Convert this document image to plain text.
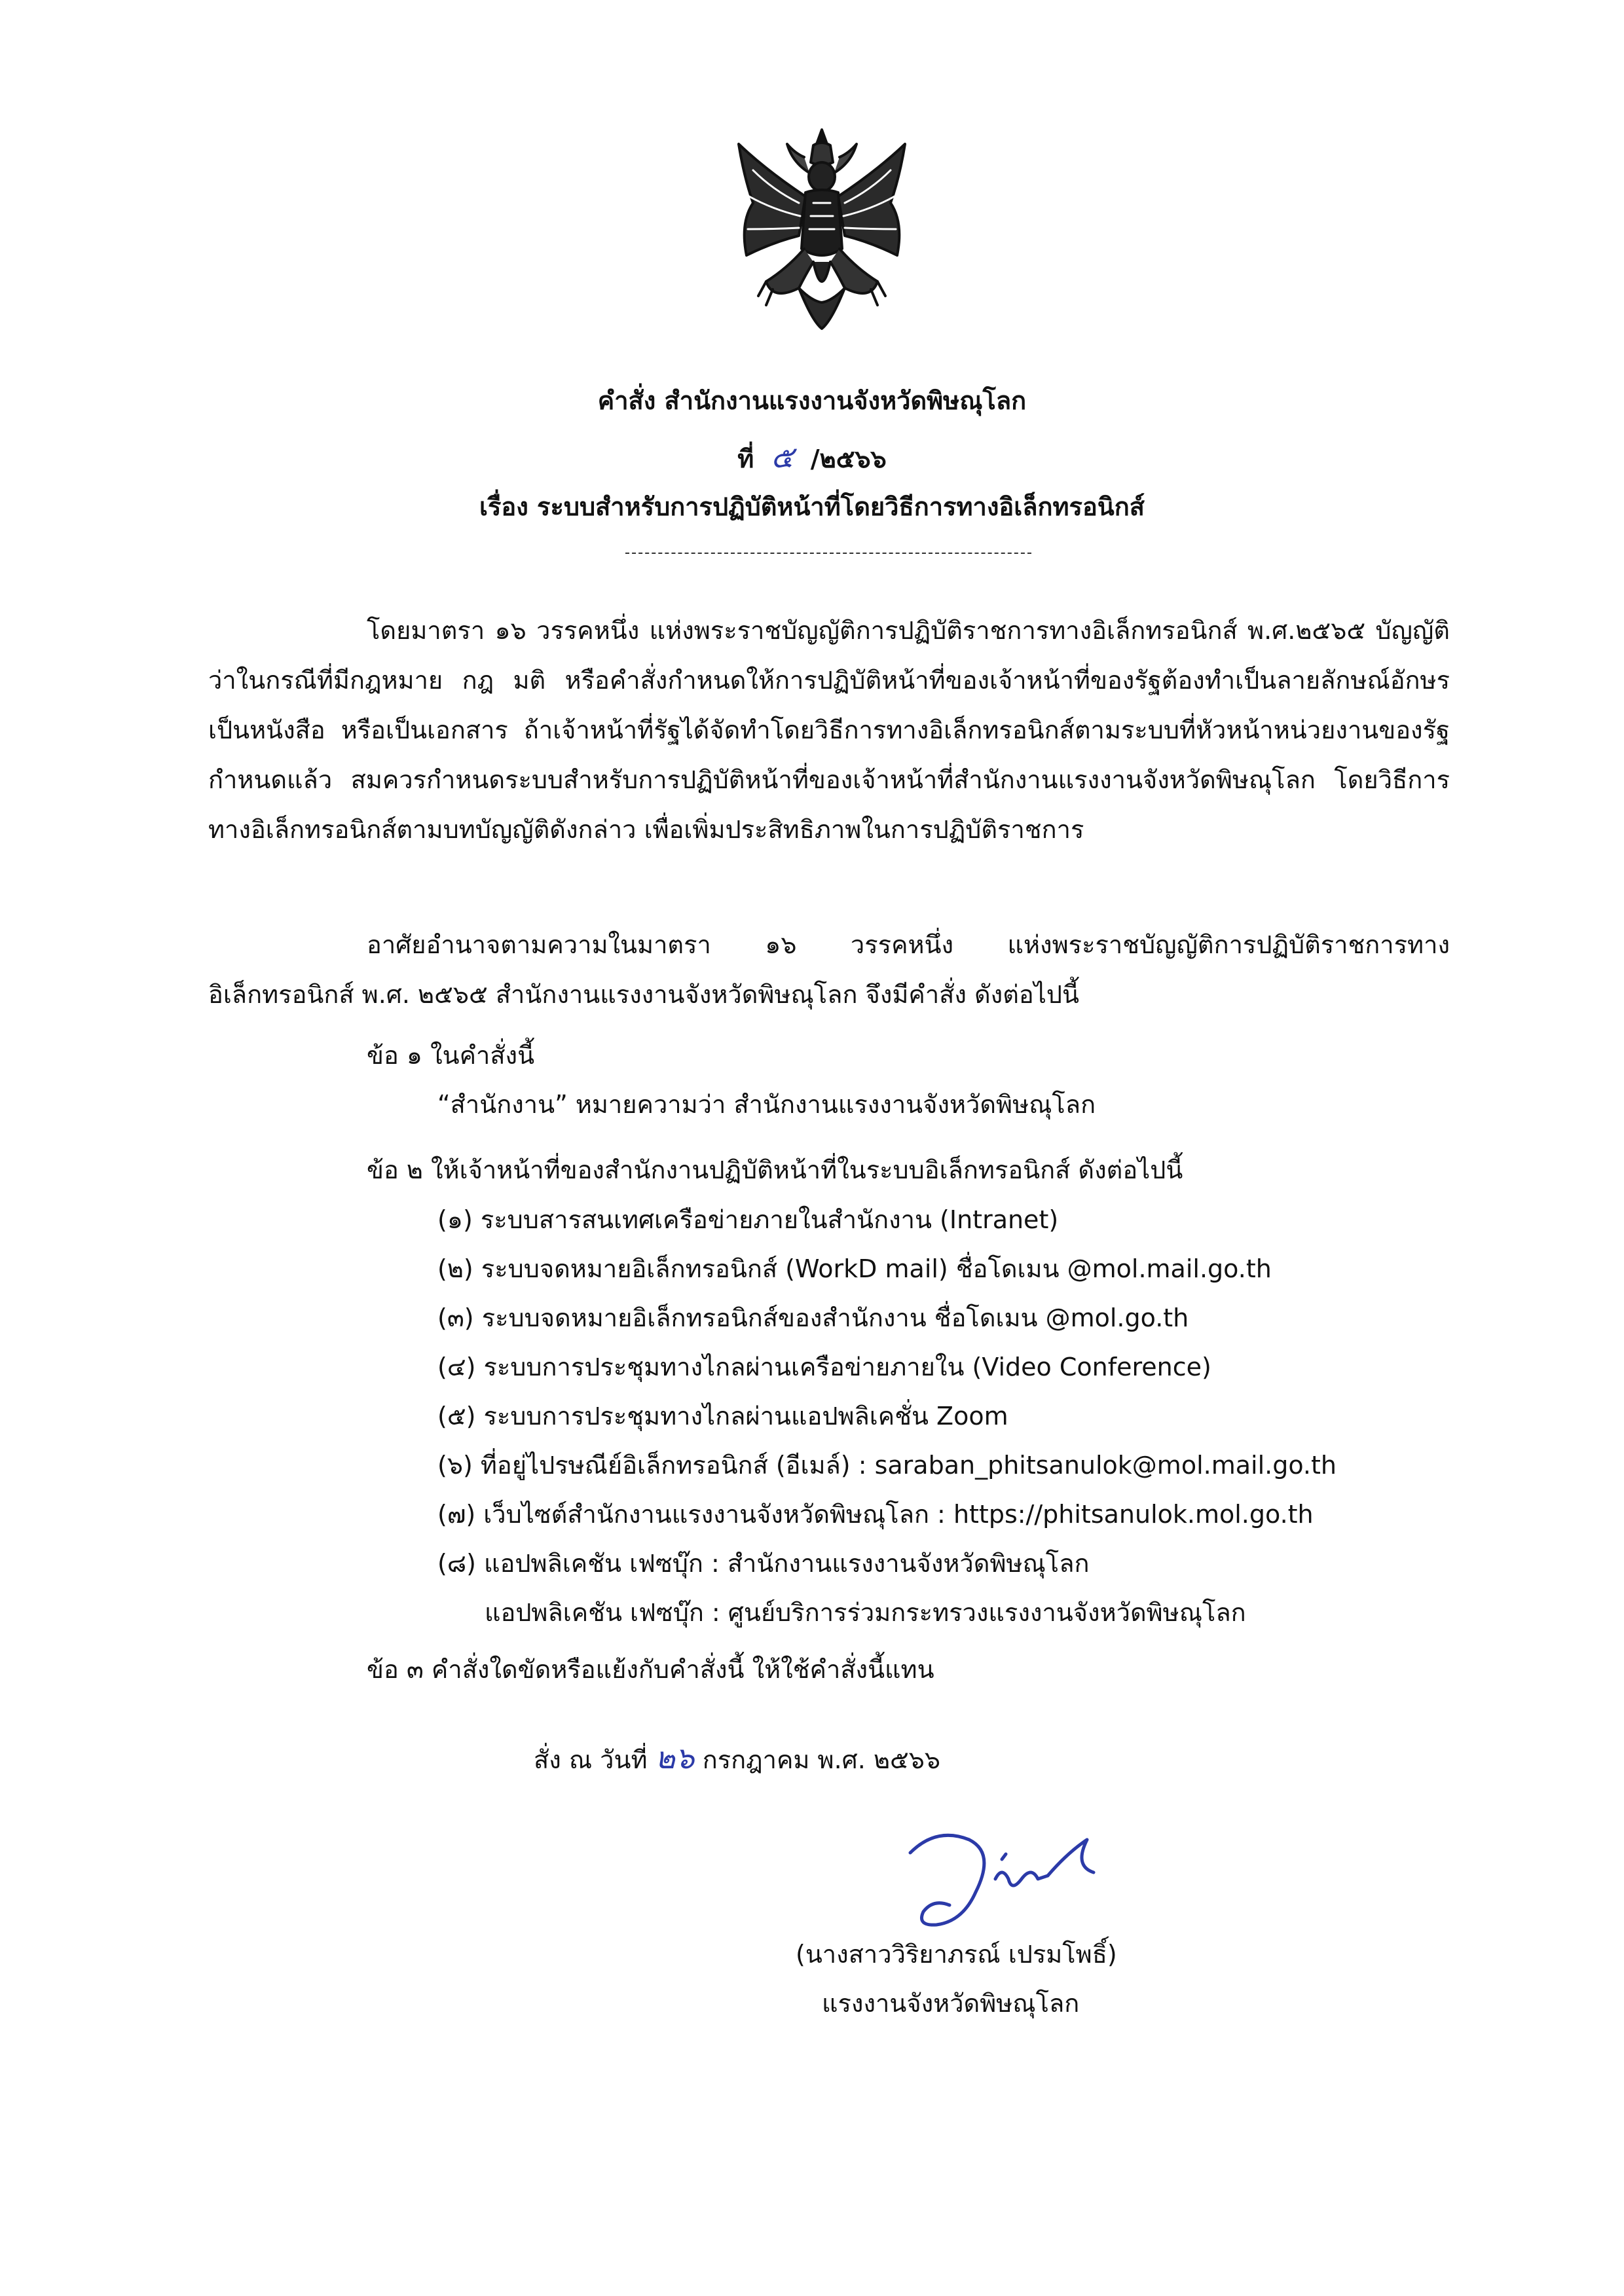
คำสั่ง สำนักงานแรงงานจังหวัดพิษณุโลก
ที่ ๕ /๒๕๖๖
เรื่อง ระบบสำหรับการปฏิบัติหน้าที่โดยวิธีการทางอิเล็กทรอนิกส์

โดยมาตรา ๑๖ วรรคหนึ่ง แห่งพระราชบัญญัติการปฏิบัติราชการทางอิเล็กทรอนิกส์ พ.ศ.๒๕๖๕ บัญญัติว่าในกรณีที่มีกฎหมาย กฎ มติ หรือคำสั่งกำหนดให้การปฏิบัติหน้าที่ของเจ้าหน้าที่ของรัฐต้องทำเป็นลายลักษณ์อักษร เป็นหนังสือ หรือเป็นเอกสาร ถ้าเจ้าหน้าที่รัฐได้จัดทำโดยวิธีการทางอิเล็กทรอนิกส์ตามระบบที่หัวหน้าหน่วยงานของรัฐกำหนดแล้ว สมควรกำหนดระบบสำหรับการปฏิบัติหน้าที่ของเจ้าหน้าที่สำนักงานแรงงานจังหวัดพิษณุโลก โดยวิธีการทางอิเล็กทรอนิกส์ตามบทบัญญัติดังกล่าว เพื่อเพิ่มประสิทธิภาพในการปฏิบัติราชการ

อาศัยอำนาจตามความในมาตรา ๑๖ วรรคหนึ่ง แห่งพระราชบัญญัติการปฏิบัติราชการทางอิเล็กทรอนิกส์ พ.ศ. ๒๕๖๕ สำนักงานแรงงานจังหวัดพิษณุโลก จึงมีคำสั่ง ดังต่อไปนี้

ข้อ ๑ ในคำสั่งนี้

“สำนักงาน” หมายความว่า สำนักงานแรงงานจังหวัดพิษณุโลก

ข้อ ๒ ให้เจ้าหน้าที่ของสำนักงานปฏิบัติหน้าที่ในระบบอิเล็กทรอนิกส์ ดังต่อไปนี้

(๑) ระบบสารสนเทศเครือข่ายภายในสำนักงาน (Intranet)

(๒) ระบบจดหมายอิเล็กทรอนิกส์ (WorkD mail) ชื่อโดเมน @mol.mail.go.th

(๓) ระบบจดหมายอิเล็กทรอนิกส์ของสำนักงาน ชื่อโดเมน @mol.go.th

(๔) ระบบการประชุมทางไกลผ่านเครือข่ายภายใน (Video Conference)

(๕) ระบบการประชุมทางไกลผ่านแอปพลิเคชั่น Zoom

(๖) ที่อยู่ไปรษณีย์อิเล็กทรอนิกส์ (อีเมล์) : saraban_phitsanulok@mol.mail.go.th

(๗) เว็บไซต์สำนักงานแรงงานจังหวัดพิษณุโลก : https://phitsanulok.mol.go.th

(๘) แอปพลิเคชัน เฟซบุ๊ก : สำนักงานแรงงานจังหวัดพิษณุโลก

แอปพลิเคชัน เฟซบุ๊ก : ศูนย์บริการร่วมกระทรวงแรงงานจังหวัดพิษณุโลก

ข้อ ๓ คำสั่งใดขัดหรือแย้งกับคำสั่งนี้ ให้ใช้คำสั่งนี้แทน

สั่ง ณ วันที่ ๒๖ กรกฎาคม พ.ศ. ๒๕๖๖

(นางสาววิริยาภรณ์ เปรมโพธิ์)

แรงงานจังหวัดพิษณุโลก
